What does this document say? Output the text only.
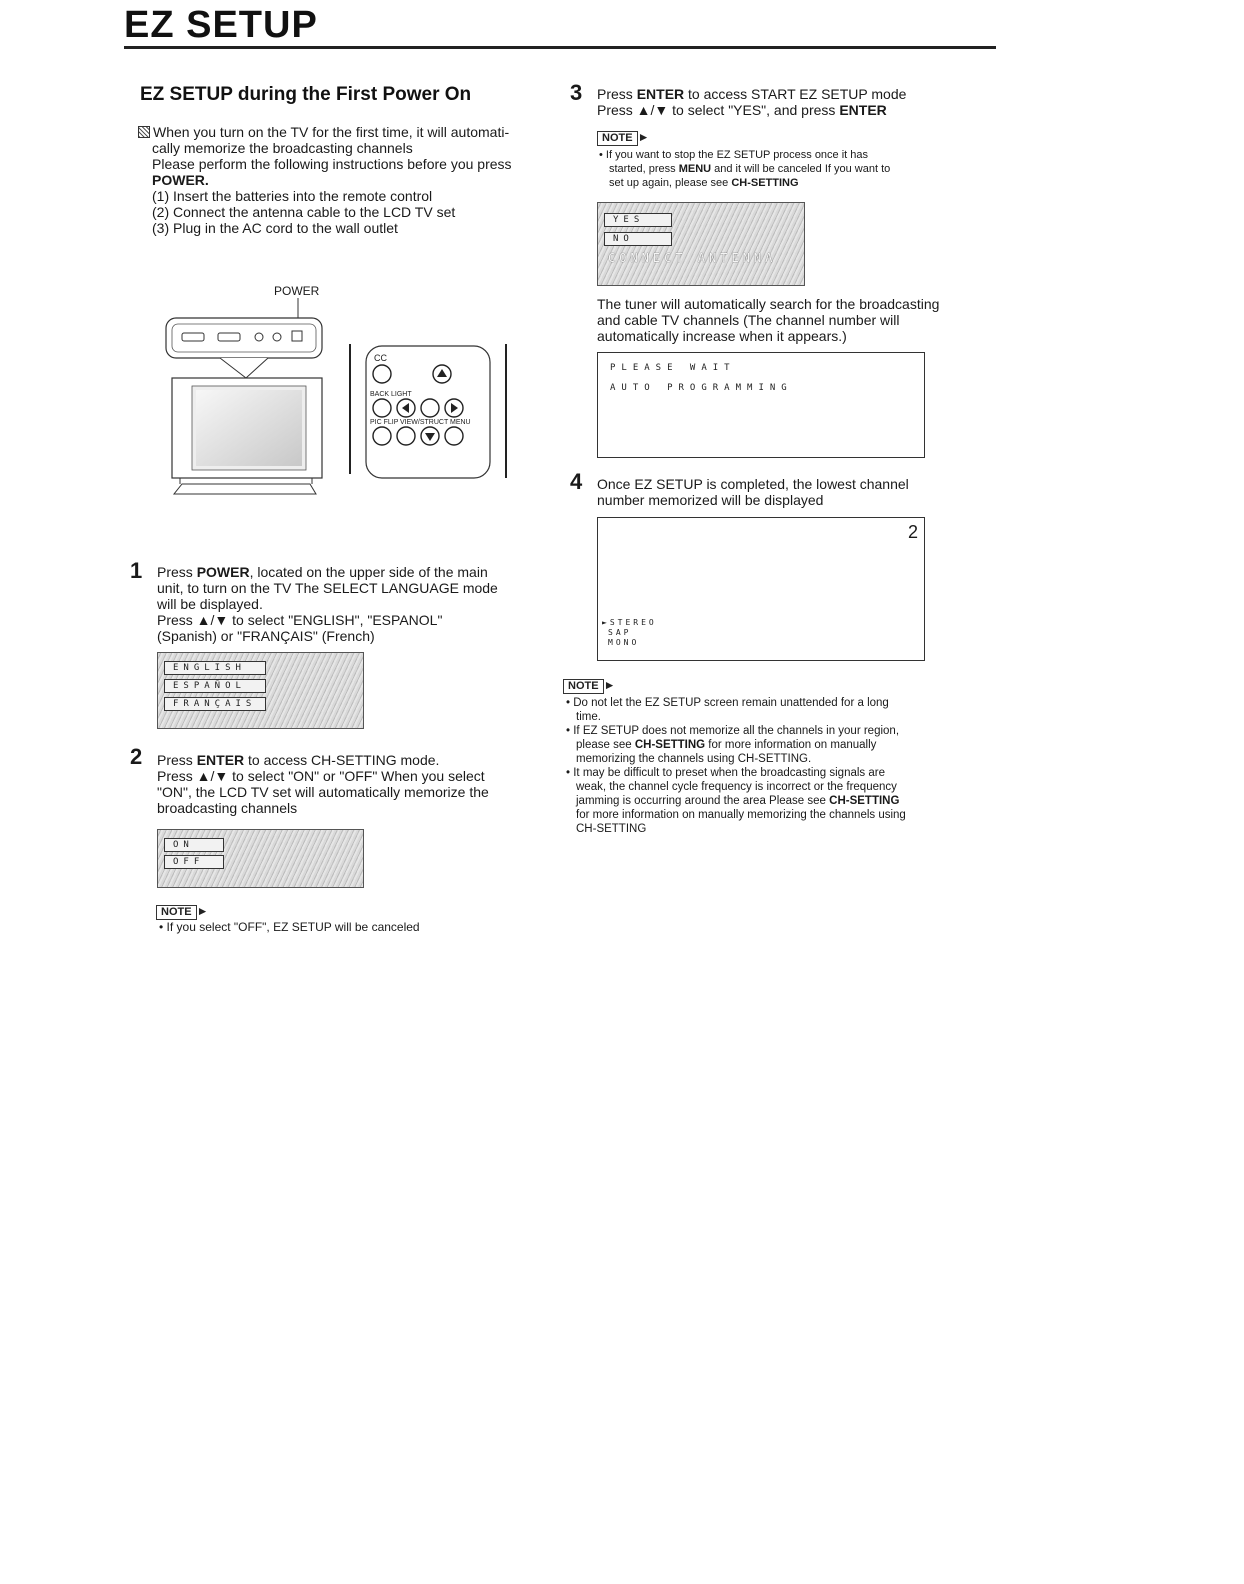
EZ SETUP
EZ SETUP during the First Power On
When you turn on the TV for the first time, it will automati-
cally memorize the broadcasting channels
Please perform the following instructions before you press
POWER.
(1) Insert the batteries into the remote control
(2) Connect the antenna cable to the LCD TV set
(3) Plug in the AC cord to the wall outlet
POWER
CC
BACK LIGHT
PIC FLIP VIEW/STRUCT MENU
1 Press POWER, located on the upper side of the main
unit, to turn on the TV The SELECT LANGUAGE mode
will be displayed.
Press ▲/▼ to select "ENGLISH", "ESPANOL"
(Spanish) or "FRANÇAIS" (French)
ENGLISH
ESPAÑOL
FRANÇAIS
2 Press ENTER to access CH-SETTING mode.
Press ▲/▼ to select "ON" or "OFF" When you select
"ON", the LCD TV set will automatically memorize the
broadcasting channels
ON
OFF
NOTE ►
• If you select "OFF", EZ SETUP will be canceled
3 Press ENTER to access START EZ SETUP mode
Press ▲/▼ to select "YES", and press ENTER
NOTE ►
• If you want to stop the EZ SETUP process once it has
started, press MENU and it will be canceled If you want to
set up again, please see CH-SETTING
YES
NO
CONNECT ANTENNA
The tuner will automatically search for the broadcasting
and cable TV channels (The channel number will
automatically increase when it appears.)
PLEASE WAIT
AUTO PROGRAMMING
4 Once EZ SETUP is completed, the lowest channel
number memorized will be displayed
2
►STEREO
SAP
MONO
NOTE ►
• Do not let the EZ SETUP screen remain unattended for a long
time.
• If EZ SETUP does not memorize all the channels in your region,
please see CH-SETTING for more information on manually
memorizing the channels using CH-SETTING.
• It may be difficult to preset when the broadcasting signals are
weak, the channel cycle frequency is incorrect or the frequency
jamming is occurring around the area Please see CH-SETTING
for more information on manually memorizing the channels using
CH-SETTING
